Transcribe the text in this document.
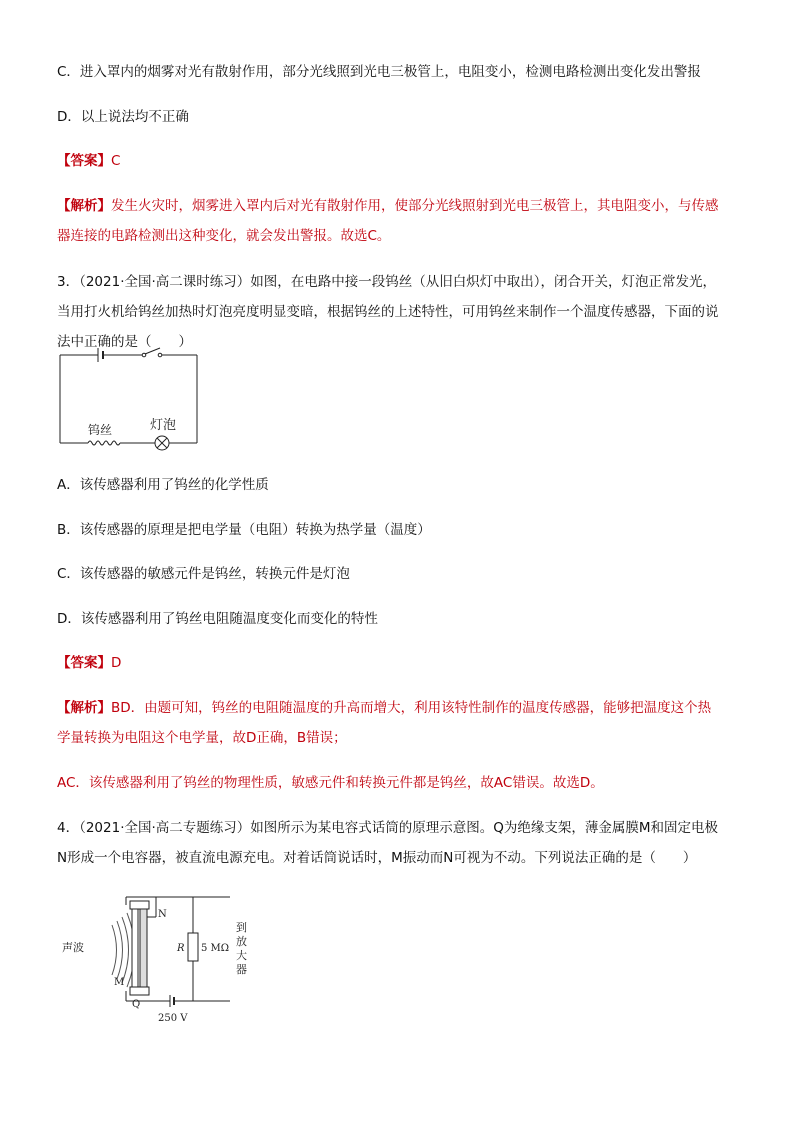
C．进入罩内的烟雾对光有散射作用，部分光线照到光电三极管上，电阻变小，检测电路检测出变化发出警报
D．以上说法均不正确
【答案】C
【解析】发生火灾时，烟雾进入罩内后对光有散射作用，使部分光线照射到光电三极管上，其电阻变小，与传感
器连接的电路检测出这种变化，就会发出警报。故选C。
3．（2021·全国·高二课时练习）如图，在电路中接一段钨丝（从旧白炽灯中取出），闭合开关，灯泡正常发光，
当用打火机给钨丝加热时灯泡亮度明显变暗，根据钨丝的上述特性，可用钨丝来制作一个温度传感器，下面的说
法中正确的是（　　）
钨丝	灯泡
A．该传感器利用了钨丝的化学性质
B．该传感器的原理是把电学量（电阻）转换为热学量（温度）
C．该传感器的敏感元件是钨丝，转换元件是灯泡
D．该传感器利用了钨丝电阻随温度变化而变化的特性
【答案】D
【解析】BD．由题可知，钨丝的电阻随温度的升高而增大，利用该特性制作的温度传感器，能够把温度这个热
学量转换为电阻这个电学量，故D正确，B错误；
AC．该传感器利用了钨丝的物理性质，敏感元件和转换元件都是钨丝，故AC错误。故选D。
4．（2021·全国·高二专题练习）如图所示为某电容式话筒的原理示意图。Q为绝缘支架，薄金属膜M和固定电极
N形成一个电容器，被直流电源充电。对着话筒说话时，M振动而N可视为不动。下列说法正确的是（　　）
声波
N
M
Q
R 5 MΩ
到
放
大
器
250 V
